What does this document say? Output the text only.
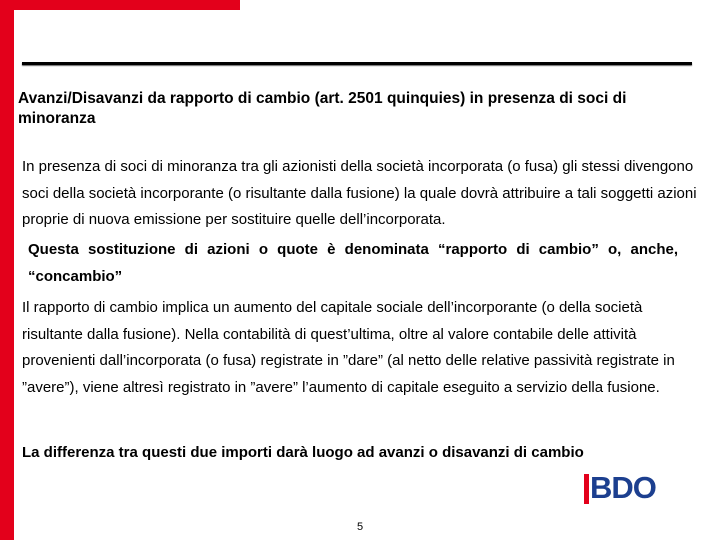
Avanzi/Disavanzi da rapporto di cambio (art. 2501 quinquies) in presenza di soci di minoranza
In presenza di soci di minoranza tra gli azionisti della società incorporata (o fusa) gli stessi divengono soci della società incorporante (o risultante dalla fusione) la quale dovrà attribuire a tali soggetti azioni proprie di nuova emissione per sostituire quelle dell’incorporata.
Questa sostituzione di azioni o quote è denominata “rapporto di cambio” o, anche, “concambio”
Il rapporto di cambio implica un aumento del capitale sociale dell’incorporante (o della società risultante dalla fusione). Nella contabilità di quest’ultima, oltre al valore contabile delle attività provenienti dall’incorporata (o fusa) registrate in ”dare” (al netto delle relative passività registrate in ”avere”), viene altresì registrato in ”avere” l’aumento di capitale eseguito a servizio della fusione.
La differenza tra questi due importi darà luogo ad avanzi o disavanzi di cambio
BDO
5
